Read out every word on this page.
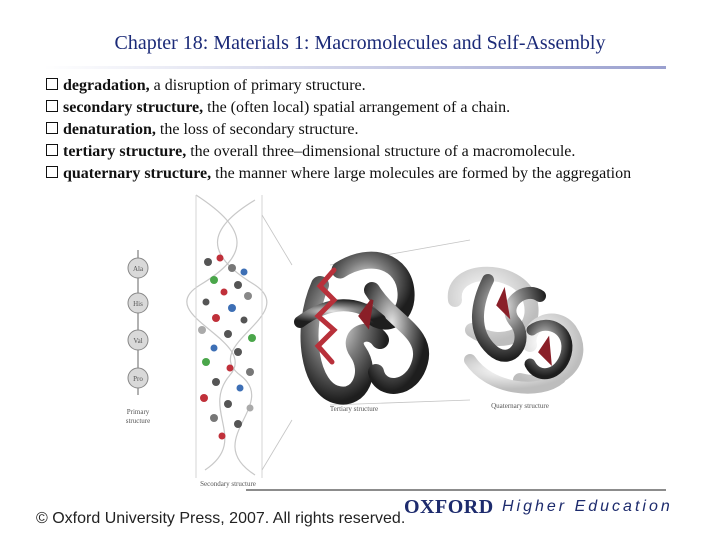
Chapter 18: Materials 1: Macromolecules and Self-Assembly
degradation, a disruption of primary structure.
secondary structure, the (often local) spatial arrangement of a chain.
denaturation, the loss of secondary structure.
tertiary structure, the overall three–dimensional structure of a macromolecule.
quaternary structure, the manner where large molecules are formed by the aggregation
Ala
His
Val
Pro
Primary
structure
Secondary structure
Tertiary structure	Quaternary structure
© Oxford University Press, 2007. All rights reserved.
OXFORD Higher Education
